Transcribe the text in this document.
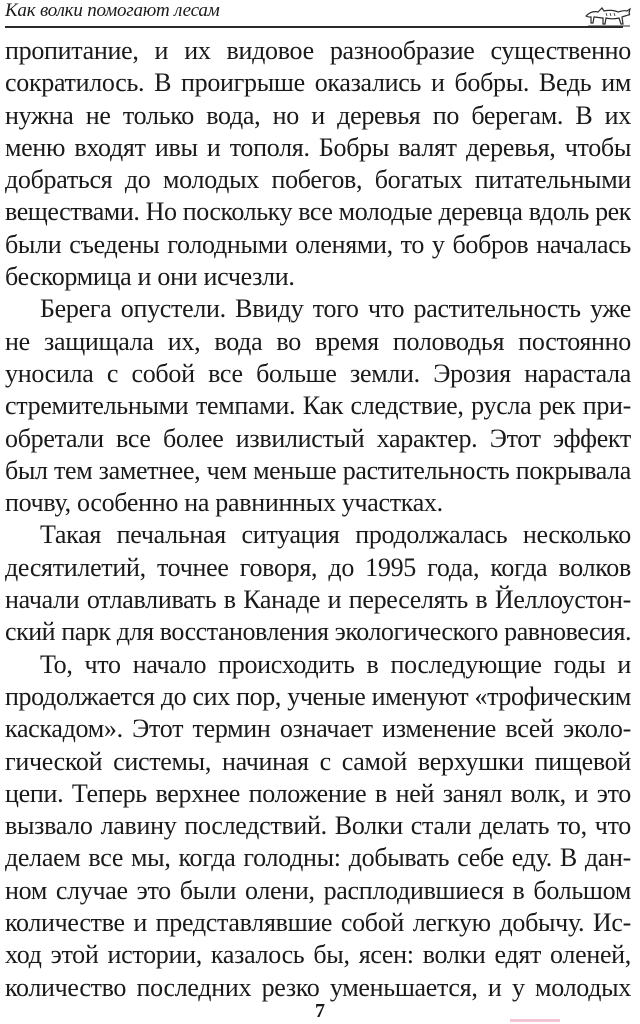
Как волки помогают лесам
пропитание, и их видовое разнообразие существенно
сократилось. В проигрыше оказались и бобры. Ведь им
нужна не только вода, но и деревья по берегам. В их
меню входят ивы и тополя. Бобры валят деревья, чтобы
добраться до молодых побегов, богатых питательными
веществами. Но поскольку все молодые деревца вдоль рек
были съедены голодными оленями, то у бобров началась
бескормица и они исчезли.
Берега опустели. Ввиду того что растительность уже
не защищала их, вода во время половодья постоянно
уносила с собой все больше земли. Эрозия нарастала
стремительными темпами. Как следствие, русла рек при-
обретали все более извилистый характер. Этот эффект
был тем заметнее, чем меньше растительность покрывала
почву, особенно на равнинных участках.
Такая печальная ситуация продолжалась несколько
десятилетий, точнее говоря, до 1995 года, когда волков
начали отлавливать в Канаде и переселять в Йеллоустон-
ский парк для восстановления экологического равновесия.
То, что начало происходить в последующие годы и
продолжается до сих пор, ученые именуют «трофическим
каскадом». Этот термин означает изменение всей эколо-
гической системы, начиная с самой верхушки пищевой
цепи. Теперь верхнее положение в ней занял волк, и это
вызвало лавину последствий. Волки стали делать то, что
делаем все мы, когда голодны: добывать себе еду. В дан-
ном случае это были олени, расплодившиеся в большом
количестве и представлявшие собой легкую добычу. Ис-
ход этой истории, казалось бы, ясен: волки едят оленей,
количество последних резко уменьшается, и у молодых
7
